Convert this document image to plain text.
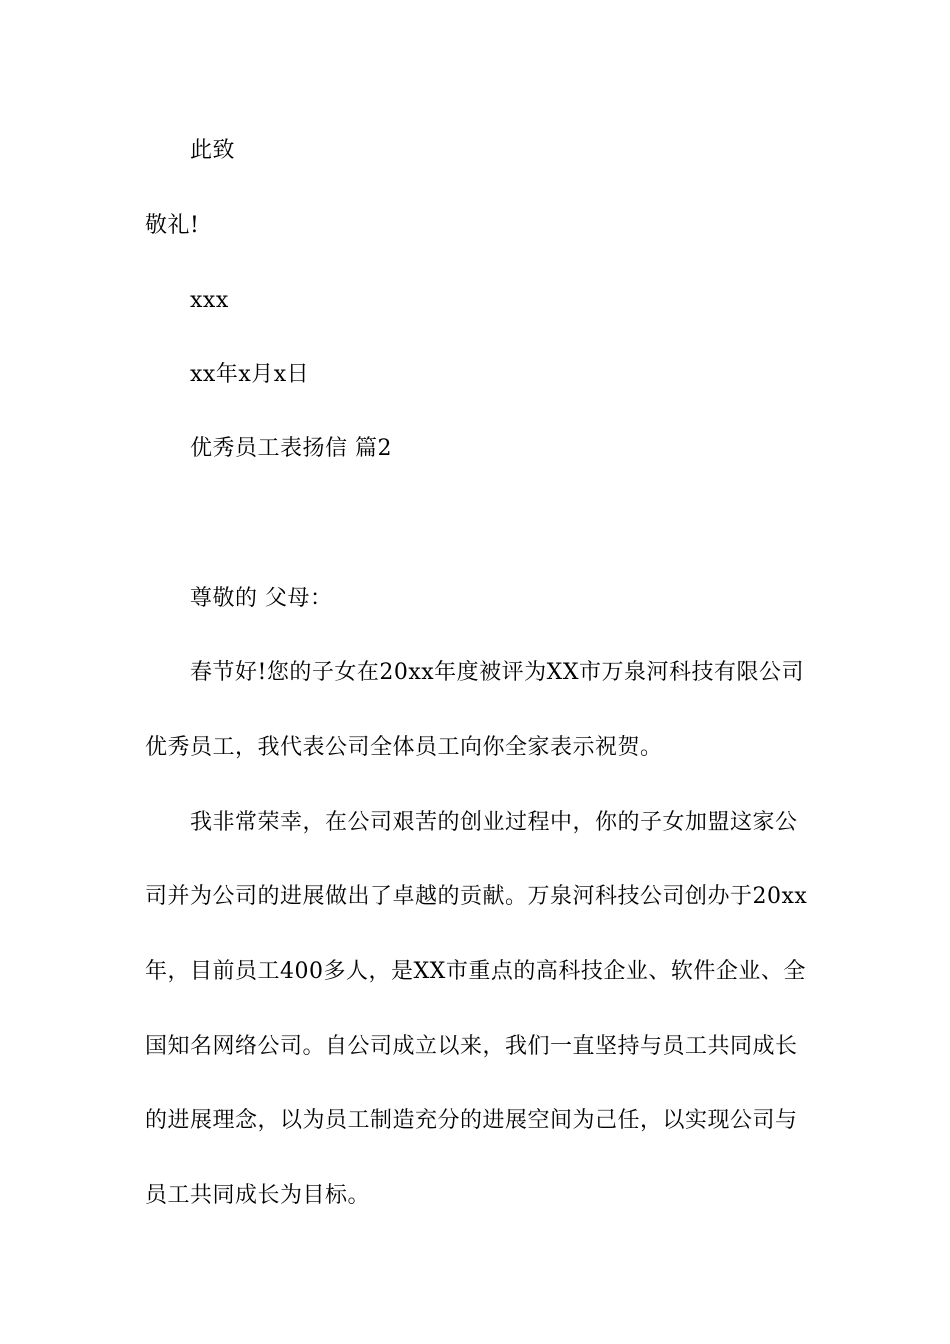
此致
敬礼!
xxx
xx年x月x日
优秀员工表扬信 篇2
尊敬的 父母：
春节好!您的子女在20xx年度被评为XX市万泉河科技有限公司
优秀员工，我代表公司全体员工向你全家表示祝贺。
我非常荣幸，在公司艰苦的创业过程中，你的子女加盟这家公
司并为公司的进展做出了卓越的贡献。万泉河科技公司创办于20xx
年，目前员工400多人，是XX市重点的高科技企业、软件企业、全
国知名网络公司。自公司成立以来，我们一直坚持与员工共同成长
的进展理念，以为员工制造充分的进展空间为己任，以实现公司与
员工共同成长为目标。
